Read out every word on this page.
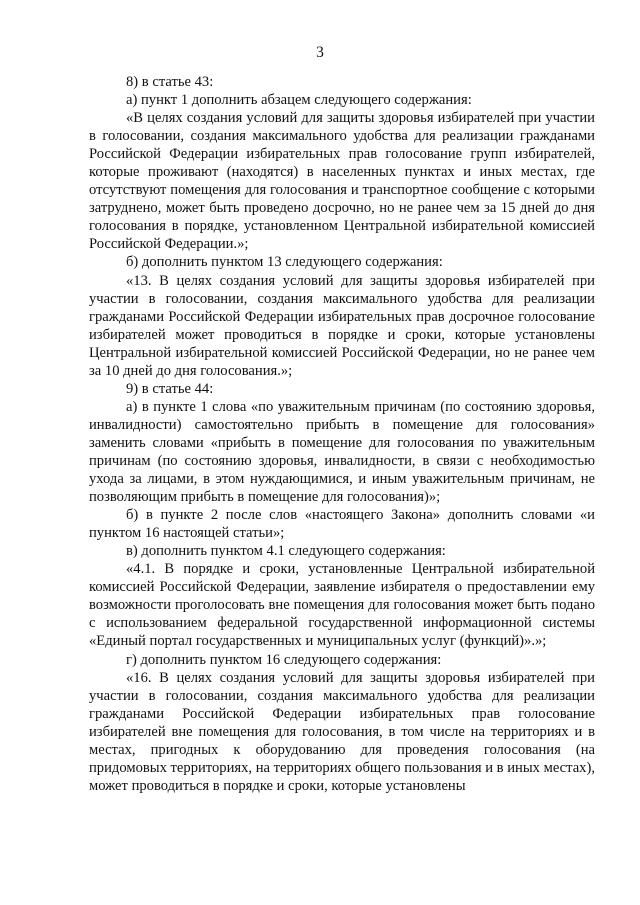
3

8) в статье 43:

а) пункт 1 дополнить абзацем следующего содержания:

«В целях создания условий для защиты здоровья избирателей при участии в голосовании, создания максимального удобства для реализации гражданами Российской Федерации избирательных прав голосование групп избирателей, которые проживают (находятся) в населенных пунктах и иных местах, где отсутствуют помещения для голосования и транспортное сообщение с которыми затруднено, может быть проведено досрочно, но не ранее чем за 15 дней до дня голосования в порядке, установленном Центральной избирательной комиссией Российской Федерации.»;

б) дополнить пунктом 13 следующего содержания:

«13. В целях создания условий для защиты здоровья избирателей при участии в голосовании, создания максимального удобства для реализации гражданами Российской Федерации избирательных прав досрочное голосование избирателей может проводиться в порядке и сроки, которые установлены Центральной избирательной комиссией Российской Федерации, но не ранее чем за 10 дней до дня голосования.»;

9) в статье 44:

а) в пункте 1 слова «по уважительным причинам (по состоянию здоровья, инвалидности) самостоятельно прибыть в помещение для голосования» заменить словами «прибыть в помещение для голосования по уважительным причинам (по состоянию здоровья, инвалидности, в связи с необходимостью ухода за лицами, в этом нуждающимися, и иным уважительным причинам, не позволяющим прибыть в помещение для голосования)»;

б) в пункте 2 после слов «настоящего Закона» дополнить словами «и пунктом 16 настоящей статьи»;

в) дополнить пунктом 4.1 следующего содержания:

«4.1. В порядке и сроки, установленные Центральной избирательной комиссией Российской Федерации, заявление избирателя о предоставлении ему возможности проголосовать вне помещения для голосования может быть подано с использованием федеральной государственной информационной системы «Единый портал государственных и муниципальных услуг (функций)».»;

г) дополнить пунктом 16 следующего содержания:

«16. В целях создания условий для защиты здоровья избирателей при участии в голосовании, создания максимального удобства для реализации гражданами Российской Федерации избирательных прав голосование избирателей вне помещения для голосования, в том числе на территориях и в местах, пригодных к оборудованию для проведения голосования (на придомовых территориях, на территориях общего пользования и в иных местах), может проводиться в порядке и сроки, которые установлены
